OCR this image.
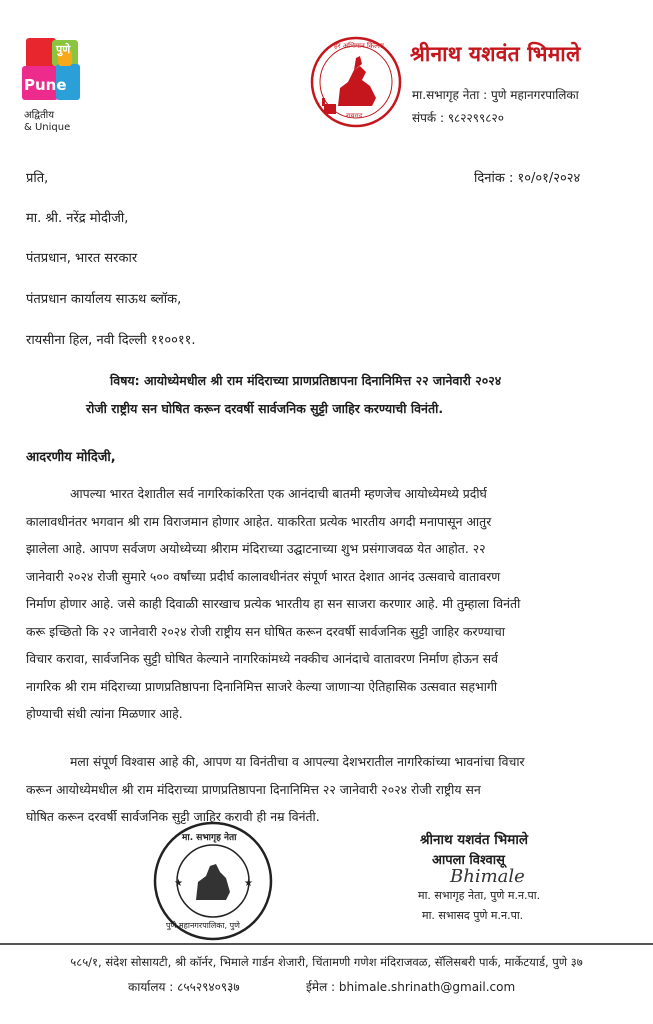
पुणे
Pune
अद्वितीय
& Unique
हर अभिमान किल्ला
रायगड
श्रीनाथ यशवंत भिमाले
मा.सभागृह नेता : पुणे महानगरपालिका
संपर्क : ९८२२९९८२०
प्रति,	दिनांक : १०/०१/२०२४
मा. श्री. नरेंद्र मोदीजी,
पंतप्रधान, भारत सरकार
पंतप्रधान कार्यालय साऊथ ब्लॉक,
रायसीना हिल, नवी दिल्ली ११००११.
विषय: आयोध्येमधील श्री राम मंदिराच्या प्राणप्रतिष्ठापना दिनानिमित्त २२ जानेवारी २०२४
रोजी राष्ट्रीय सन घोषित करून दरवर्षी सार्वजनिक सुट्टी जाहिर करण्याची विनंती.
आदरणीय मोदिजी,
आपल्या भारत देशातील सर्व नागरिकांकरिता एक आनंदाची बातमी म्हणजेच आयोध्येमध्ये प्रदीर्घ
कालावधीनंतर भगवान श्री राम विराजमान होणार आहेत. याकरिता प्रत्येक भारतीय अगदी मनापासून आतुर
झालेला आहे. आपण सर्वजण अयोध्येच्या श्रीराम मंदिराच्या उद्घाटनाच्या शुभ प्रसंगाजवळ येत आहोत. २२
जानेवारी २०२४ रोजी सुमारे ५०० वर्षांच्या प्रदीर्घ कालावधीनंतर संपूर्ण भारत देशात आनंद उत्सवाचे वातावरण
निर्माण होणार आहे. जसे काही दिवाळी सारखाच प्रत्येक भारतीय हा सन साजरा करणार आहे. मी तुम्हाला विनंती
करू इच्छितो कि २२ जानेवारी २०२४ रोजी राष्ट्रीय सन घोषित करून दरवर्षी सार्वजनिक सुट्टी जाहिर करण्याचा
विचार करावा, सार्वजनिक सुट्टी घोषित केल्याने नागरिकांमध्ये नक्कीच आनंदाचे वातावरण निर्माण होऊन सर्व
नागरिक श्री राम मंदिराच्या प्राणप्रतिष्ठापना दिनानिमित्त साजरे केल्या जाणाऱ्या ऐतिहासिक उत्सवात सहभागी
होण्याची संधी त्यांना मिळणार आहे.
मला संपूर्ण विश्वास आहे की, आपण या विनंतीचा व आपल्या देशभरातील नागरिकांच्या भावनांचा विचार
करून आयोध्येमधील श्री राम मंदिराच्या प्राणप्रतिष्ठापना दिनानिमित्त २२ जानेवारी २०२४ रोजी राष्ट्रीय सन
घोषित करून दरवर्षी सार्वजनिक सुट्टी जाहिर करावी ही नम्र विनंती.
★	★
मा. सभागृह नेता
पुणे महानगरपालिका, पुणे
श्रीनाथ यशवंत भिमाले
आपला विश्वासू
Bhimale
मा. सभागृह नेता, पुणे म.न.पा.
मा. सभासद पुणे म.न.पा.
५८५/१, संदेश सोसायटी, श्री कॉर्नर, भिमाले गार्डन शेजारी, चिंतामणी गणेश मंदिराजवळ, सॅलिसबरी पार्क, मार्केटयार्ड, पुणे ३७
कार्यालय : ८५५२९४०९३७	ईमेल : bhimale.shrinath@gmail.com
